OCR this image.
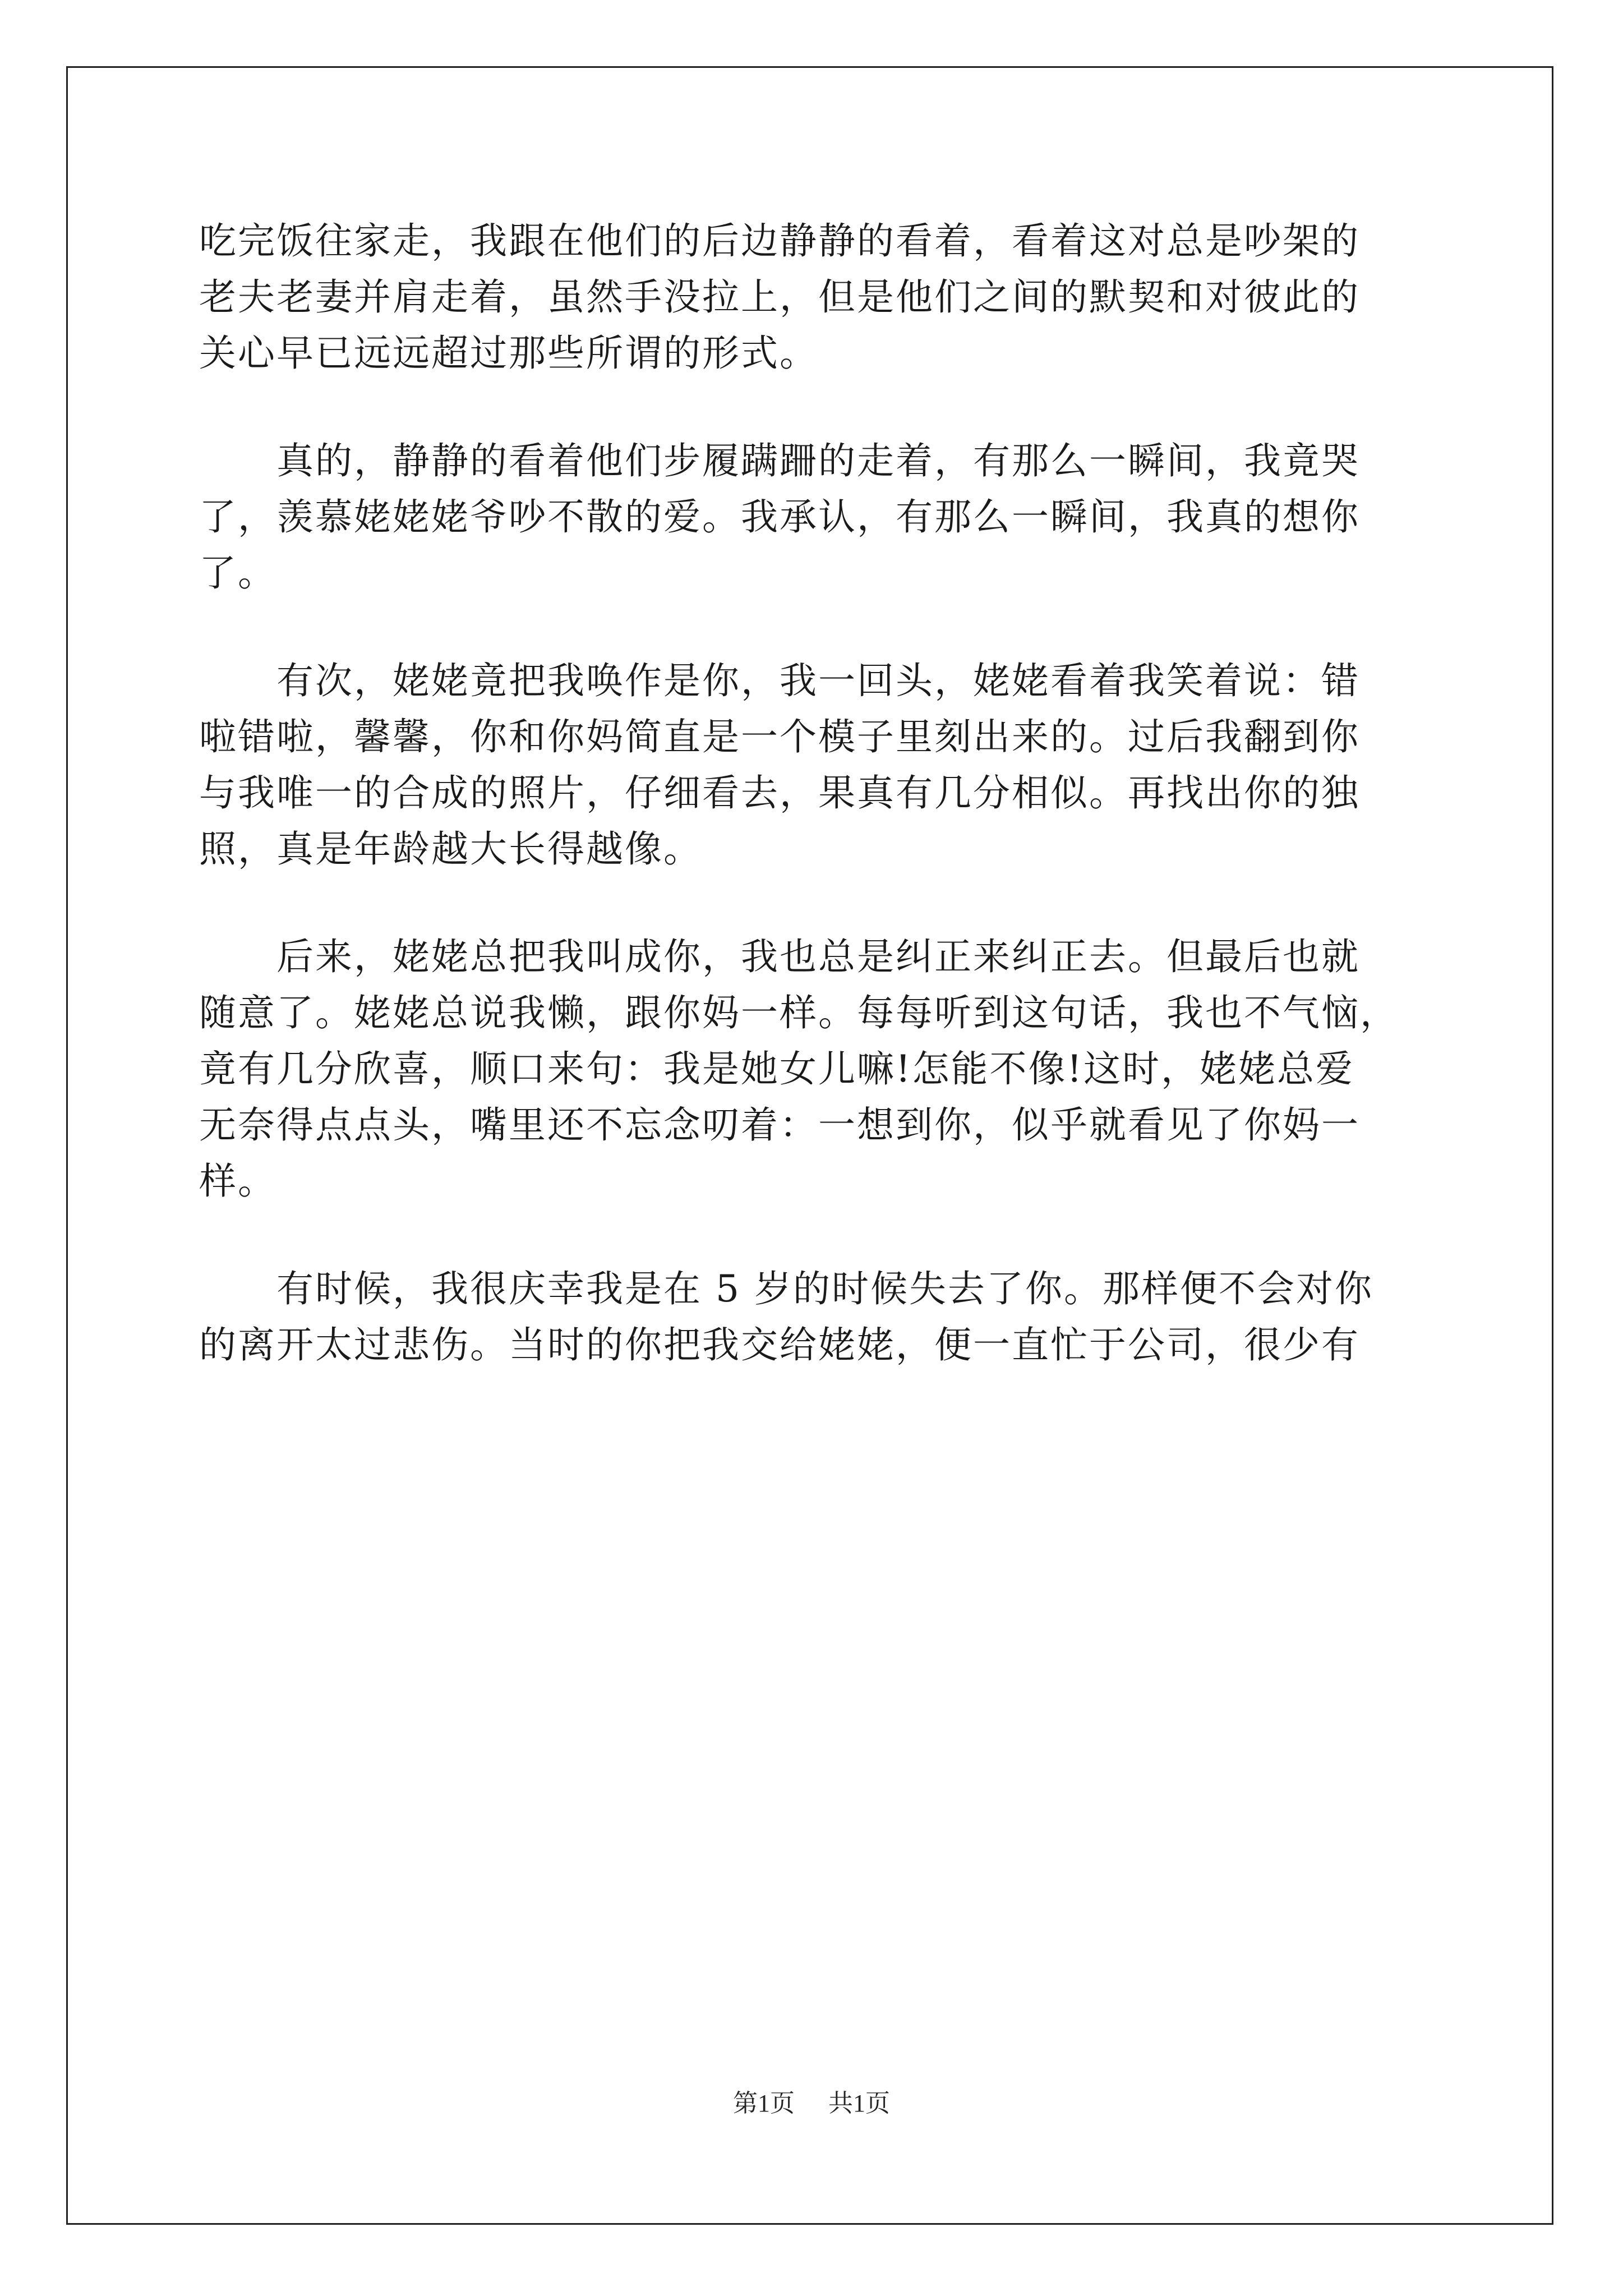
吃完饭往家走，我跟在他们的后边静静的看着，看着这对总是吵架的
老夫老妻并肩走着，虽然手没拉上，但是他们之间的默契和对彼此的
关心早已远远超过那些所谓的形式。
　　真的，静静的看着他们步履蹒跚的走着，有那么一瞬间，我竟哭
了，羡慕姥姥姥爷吵不散的爱。我承认，有那么一瞬间，我真的想你
了。
　　有次，姥姥竟把我唤作是你，我一回头，姥姥看着我笑着说：错
啦错啦，馨馨，你和你妈简直是一个模子里刻出来的。过后我翻到你
与我唯一的合成的照片，仔细看去，果真有几分相似。再找出你的独
照，真是年龄越大长得越像。
　　后来，姥姥总把我叫成你，我也总是纠正来纠正去。但最后也就
随意了。姥姥总说我懒，跟你妈一样。每每听到这句话，我也不气恼，
竟有几分欣喜，顺口来句：我是她女儿嘛!怎能不像!这时，姥姥总爱
无奈得点点头，嘴里还不忘念叨着：一想到你，似乎就看见了你妈一
样。
　　有时候，我很庆幸我是在 5 岁的时候失去了你。那样便不会对你
的离开太过悲伤。当时的你把我交给姥姥，便一直忙于公司，很少有
第1页 共1页
